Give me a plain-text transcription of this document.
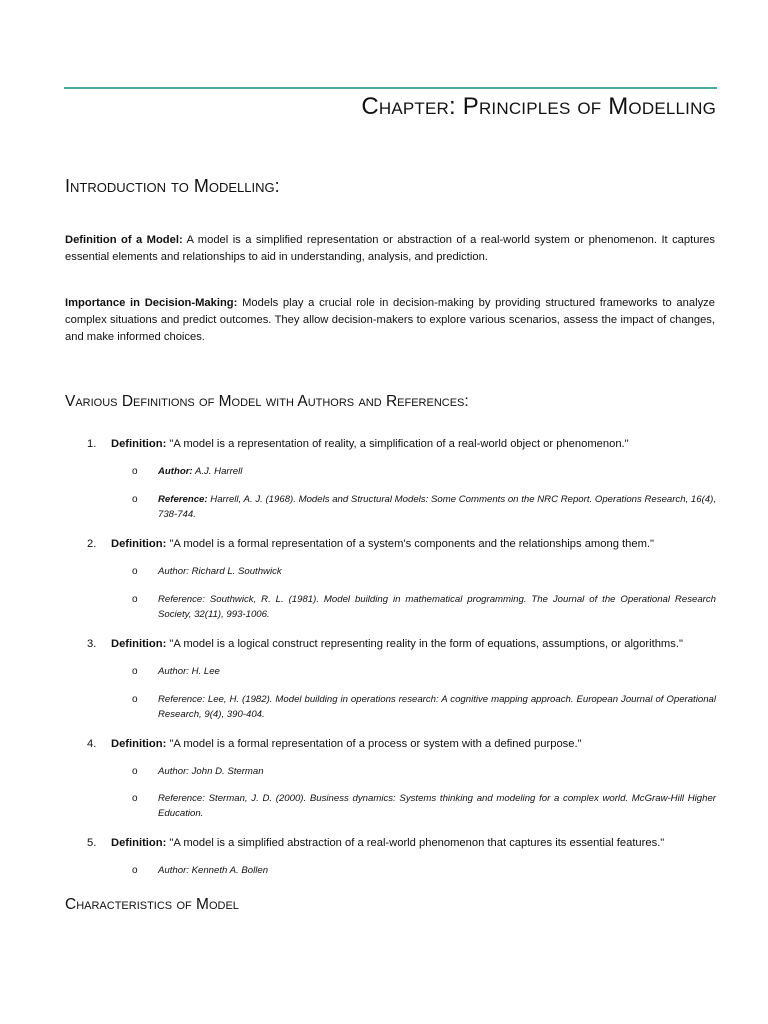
Chapter: Principles of Modelling
Introduction to Modelling:
Definition of a Model: A model is a simplified representation or abstraction of a real-world system or phenomenon. It captures essential elements and relationships to aid in understanding, analysis, and prediction.
Importance in Decision-Making: Models play a crucial role in decision-making by providing structured frameworks to analyze complex situations and predict outcomes. They allow decision-makers to explore various scenarios, assess the impact of changes, and make informed choices.
Various Definitions of Model with Authors and References:
1. Definition: "A model is a representation of reality, a simplification of a real-world object or phenomenon."
o Author: A.J. Harrell
o Reference: Harrell, A. J. (1968). Models and Structural Models: Some Comments on the NRC Report. Operations Research, 16(4), 738-744.
2. Definition: "A model is a formal representation of a system's components and the relationships among them."
o Author: Richard L. Southwick
o Reference: Southwick, R. L. (1981). Model building in mathematical programming. The Journal of the Operational Research Society, 32(11), 993-1006.
3. Definition: "A model is a logical construct representing reality in the form of equations, assumptions, or algorithms."
o Author: H. Lee
o Reference: Lee, H. (1982). Model building in operations research: A cognitive mapping approach. European Journal of Operational Research, 9(4), 390-404.
4. Definition: "A model is a formal representation of a process or system with a defined purpose."
o Author: John D. Sterman
o Reference: Sterman, J. D. (2000). Business dynamics: Systems thinking and modeling for a complex world. McGraw-Hill Higher Education.
5. Definition: "A model is a simplified abstraction of a real-world phenomenon that captures its essential features."
o Author: Kenneth A. Bollen
Characteristics of Model
